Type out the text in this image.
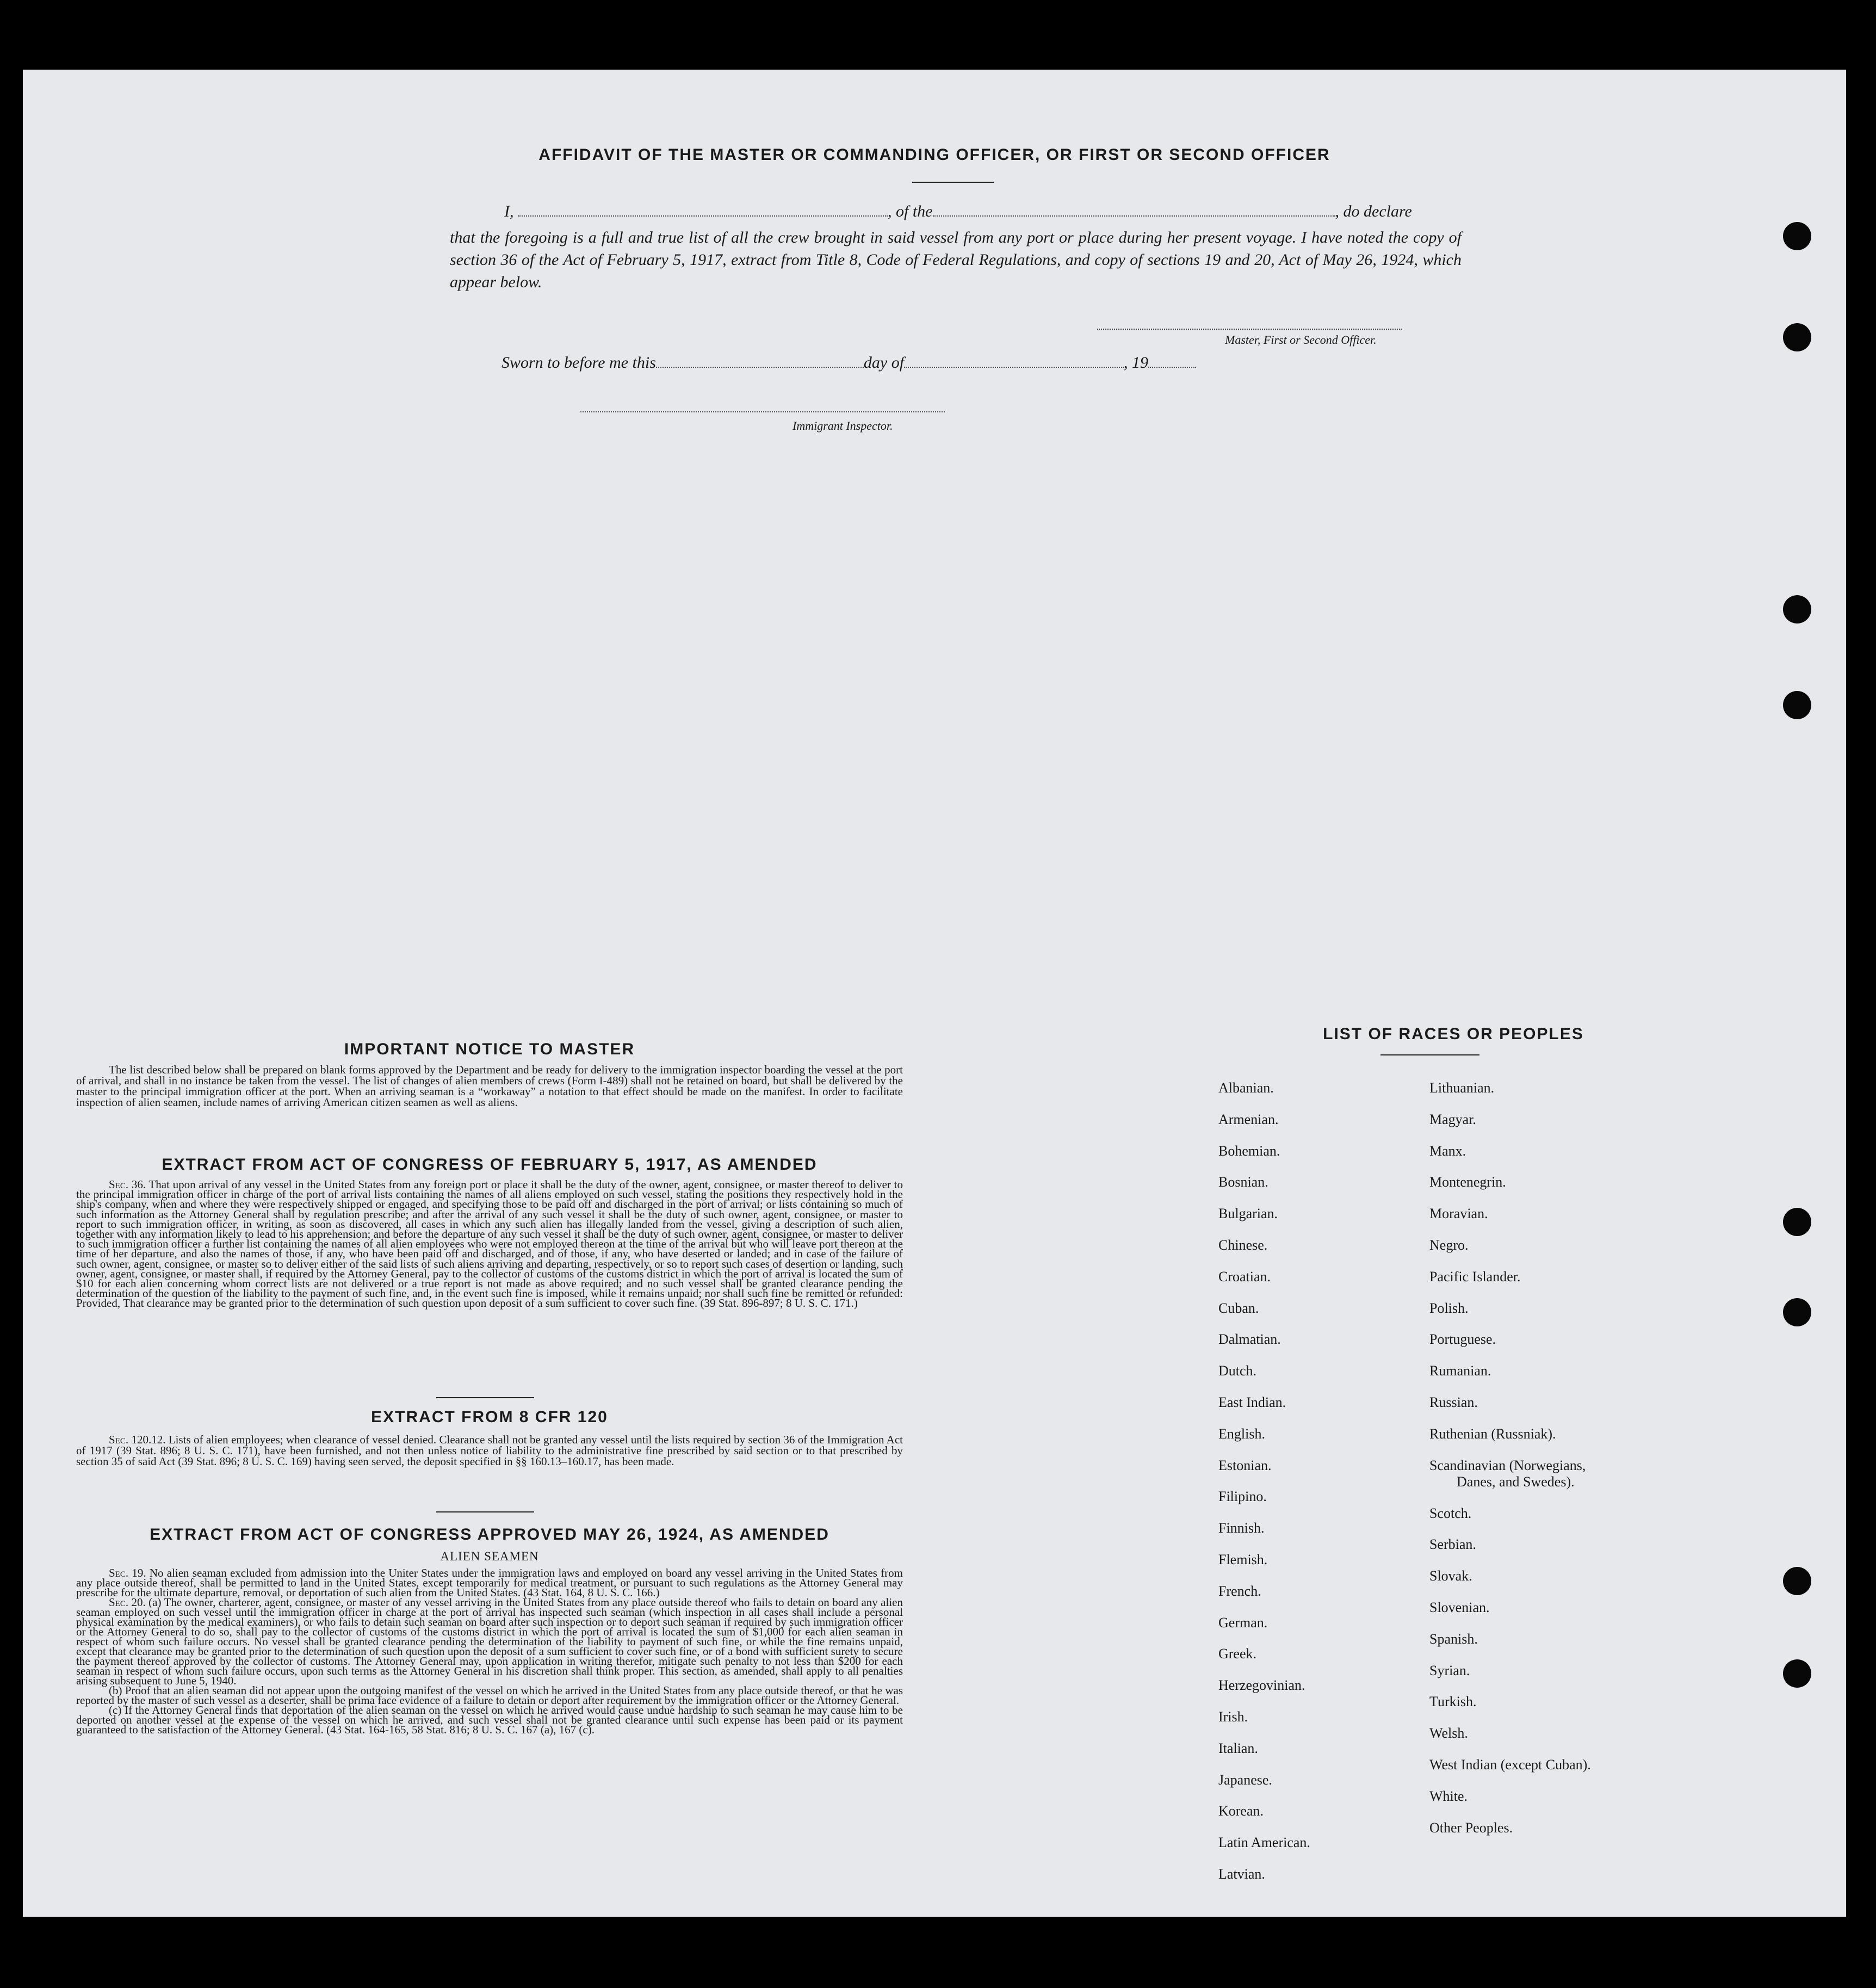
AFFIDAVIT OF THE MASTER OR COMMANDING OFFICER, OR FIRST OR SECOND OFFICER
I,	, of the	, do declare
that the foregoing is a full and true list of all the crew brought in said vessel from any port or place during her present voyage. I have noted the copy of section 36 of the Act of February 5, 1917, extract from Title 8, Code of Federal Regulations, and copy of sections 19 and 20, Act of May 26, 1924, which appear below.
Master, First or Second Officer.
Sworn to before me this	day of	, 19
Immigrant Inspector.
IMPORTANT NOTICE TO MASTER
The list described below shall be prepared on blank forms approved by the Department and be ready for delivery to the immigration inspector boarding the vessel at the port of arrival, and shall in no instance be taken from the vessel. The list of changes of alien members of crews (Form I-489) shall not be retained on board, but shall be delivered by the master to the principal immigration officer at the port. When an arriving seaman is a “workaway” a notation to that effect should be made on the manifest. In order to facilitate inspection of alien seamen, include names of arriving American citizen seamen as well as aliens.
EXTRACT FROM ACT OF CONGRESS OF FEBRUARY 5, 1917, AS AMENDED
Sec. 36. That upon arrival of any vessel in the United States from any foreign port or place it shall be the duty of the owner, agent, consignee, or master thereof to deliver to the principal immigration officer in charge of the port of arrival lists containing the names of all aliens employed on such vessel, stating the positions they respectively hold in the ship's company, when and where they were respectively shipped or engaged, and specifying those to be paid off and discharged in the port of arrival; or lists containing so much of such information as the Attorney General shall by regulation prescribe; and after the arrival of any such vessel it shall be the duty of such owner, agent, consignee, or master to report to such immigration officer, in writing, as soon as discovered, all cases in which any such alien has illegally landed from the vessel, giving a description of such alien, together with any information likely to lead to his apprehension; and before the departure of any such vessel it shall be the duty of such owner, agent, consignee, or master to deliver to such immigration officer a further list containing the names of all alien employees who were not employed thereon at the time of the arrival but who will leave port thereon at the time of her departure, and also the names of those, if any, who have been paid off and discharged, and of those, if any, who have deserted or landed; and in case of the failure of such owner, agent, consignee, or master so to deliver either of the said lists of such aliens arriving and departing, respectively, or so to report such cases of desertion or landing, such owner, agent, consignee, or master shall, if required by the Attorney General, pay to the collector of customs of the customs district in which the port of arrival is located the sum of $10 for each alien concerning whom correct lists are not delivered or a true report is not made as above required; and no such vessel shall be granted clearance pending the determination of the question of the liability to the payment of such fine, and, in the event such fine is imposed, while it remains unpaid; nor shall such fine be remitted or refunded: Provided, That clearance may be granted prior to the determination of such question upon deposit of a sum sufficient to cover such fine. (39 Stat. 896-897; 8 U. S. C. 171.)
EXTRACT FROM 8 CFR 120
Sec. 120.12. Lists of alien employees; when clearance of vessel denied. Clearance shall not be granted any vessel until the lists required by section 36 of the Immigration Act of 1917 (39 Stat. 896; 8 U. S. C. 171), have been furnished, and not then unless notice of liability to the administrative fine prescribed by said section or to that prescribed by section 35 of said Act (39 Stat. 896; 8 U. S. C. 169) having seen served, the deposit specified in §§ 160.13–160.17, has been made.
EXTRACT FROM ACT OF CONGRESS APPROVED MAY 26, 1924, AS AMENDED
ALIEN SEAMEN
Sec. 19. No alien seaman excluded from admission into the Uniter States under the immigration laws and employed on board any vessel arriving in the United States from any place outside thereof, shall be permitted to land in the United States, except temporarily for medical treatment, or pursuant to such regulations as the Attorney General may prescribe for the ultimate departure, removal, or deportation of such alien from the United States. (43 Stat. 164, 8 U. S. C. 166.)
Sec. 20. (a) The owner, charterer, agent, consignee, or master of any vessel arriving in the United States from any place outside thereof who fails to detain on board any alien seaman employed on such vessel until the immigration officer in charge at the port of arrival has inspected such seaman (which inspection in all cases shall include a personal physical examination by the medical examiners), or who fails to detain such seaman on board after such inspection or to deport such seaman if required by such immigration officer or the Attorney General to do so, shall pay to the collector of customs of the customs district in which the port of arrival is located the sum of $1,000 for each alien seaman in respect of whom such failure occurs. No vessel shall be granted clearance pending the determination of the liability to payment of such fine, or while the fine remains unpaid, except that clearance may be granted prior to the determination of such question upon the deposit of a sum sufficient to cover such fine, or of a bond with sufficient surety to secure the payment thereof approved by the collector of customs. The Attorney General may, upon application in writing therefor, mitigate such penalty to not less than $200 for each seaman in respect of whom such failure occurs, upon such terms as the Attorney General in his discretion shall think proper. This section, as amended, shall apply to all penalties arising subsequent to June 5, 1940.
(b) Proof that an alien seaman did not appear upon the outgoing manifest of the vessel on which he arrived in the United States from any place outside thereof, or that he was reported by the master of such vessel as a deserter, shall be prima face evidence of a failure to detain or deport after requirement by the immigration officer or the Attorney General.
(c) If the Attorney General finds that deportation of the alien seaman on the vessel on which he arrived would cause undue hardship to such seaman he may cause him to be deported on another vessel at the expense of the vessel on which he arrived, and such vessel shall not be granted clearance until such expense has been paid or its payment guaranteed to the satisfaction of the Attorney General. (43 Stat. 164-165, 58 Stat. 816; 8 U. S. C. 167 (a), 167 (c).
LIST OF RACES OR PEOPLES
Albanian.
Armenian.
Bohemian.
Bosnian.
Bulgarian.
Chinese.
Croatian.
Cuban.
Dalmatian.
Dutch.
East Indian.
English.
Estonian.
Filipino.
Finnish.
Flemish.
French.
German.
Greek.
Herzegovinian.
Irish.
Italian.
Japanese.
Korean.
Latin American.
Latvian.
Lithuanian.
Magyar.
Manx.
Montenegrin.
Moravian.
Negro.
Pacific Islander.
Polish.
Portuguese.
Rumanian.
Russian.
Ruthenian (Russniak).
Scandinavian (Norwegians,
Danes, and Swedes).
Scotch.
Serbian.
Slovak.
Slovenian.
Spanish.
Syrian.
Turkish.
Welsh.
West Indian (except Cuban).
White.
Other Peoples.
